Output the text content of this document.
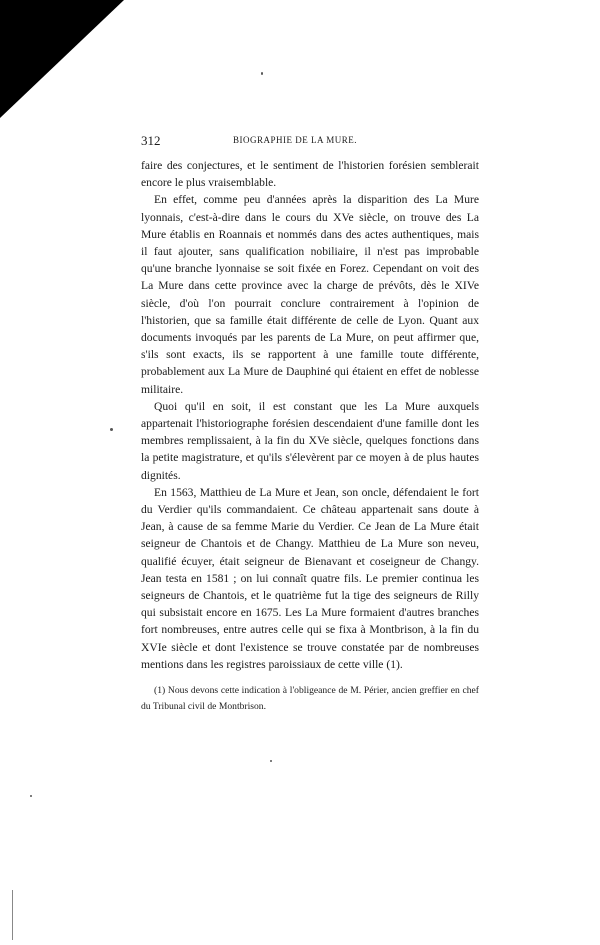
312	BIOGRAPHIE DE LA MURE.

faire des conjectures, et le sentiment de l'historien forésien semblerait encore le plus vraisemblable.

En effet, comme peu d'années après la disparition des La Mure lyonnais, c'est-à-dire dans le cours du XVe siècle, on trouve des La Mure établis en Roannais et nommés dans des actes authentiques, mais il faut ajouter, sans qualification nobiliaire, il n'est pas improbable qu'une branche lyonnaise se soit fixée en Forez. Cependant on voit des La Mure dans cette province avec la charge de prévôts, dès le XIVe siècle, d'où l'on pourrait conclure contrairement à l'opinion de l'historien, que sa famille était différente de celle de Lyon. Quant aux documents invoqués par les parents de La Mure, on peut affirmer que, s'ils sont exacts, ils se rapportent à une famille toute différente, probablement aux La Mure de Dauphiné qui étaient en effet de noblesse militaire.

Quoi qu'il en soit, il est constant que les La Mure auxquels appartenait l'historiographe forésien descendaient d'une famille dont les membres remplissaient, à la fin du XVe siècle, quelques fonctions dans la petite magistrature, et qu'ils s'élevèrent par ce moyen à de plus hautes dignités.

En 1563, Matthieu de La Mure et Jean, son oncle, défendaient le fort du Verdier qu'ils commandaient. Ce château appartenait sans doute à Jean, à cause de sa femme Marie du Verdier. Ce Jean de La Mure était seigneur de Chantois et de Changy. Matthieu de La Mure son neveu, qualifié écuyer, était seigneur de Bienavant et coseigneur de Changy. Jean testa en 1581 ; on lui connaît quatre fils. Le premier continua les seigneurs de Chantois, et le quatrième fut la tige des seigneurs de Rilly qui subsistait encore en 1675. Les La Mure formaient d'autres branches fort nombreuses, entre autres celle qui se fixa à Montbrison, à la fin du XVIe siècle et dont l'existence se trouve constatée par de nombreuses mentions dans les registres paroissiaux de cette ville (1).

(1) Nous devons cette indication à l'obligeance de M. Périer, ancien greffier en chef du Tribunal civil de Montbrison.
